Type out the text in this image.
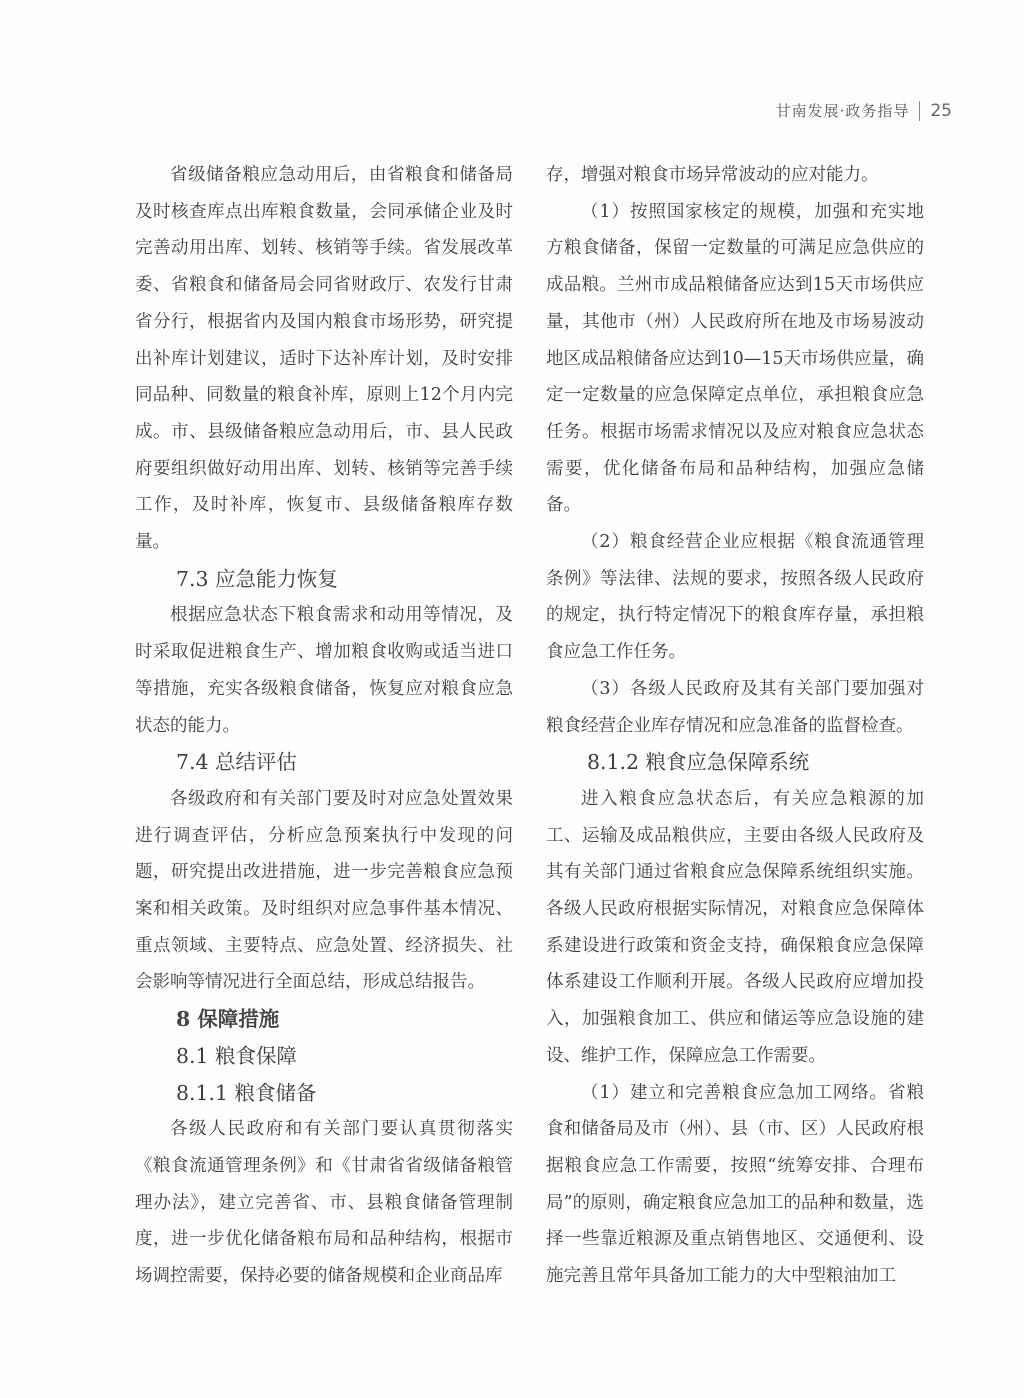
甘南发展·政务指导 25

省级储备粮应急动用后，由省粮食和储备局及时核查库点出库粮食数量，会同承储企业及时完善动用出库、划转、核销等手续。省发展改革委、省粮食和储备局会同省财政厅、农发行甘肃省分行，根据省内及国内粮食市场形势，研究提出补库计划建议，适时下达补库计划，及时安排同品种、同数量的粮食补库，原则上12个月内完成。市、县级储备粮应急动用后，市、县人民政府要组织做好动用出库、划转、核销等完善手续工作，及时补库，恢复市、县级储备粮库存数量。

7.3 应急能力恢复

根据应急状态下粮食需求和动用等情况，及时采取促进粮食生产、增加粮食收购或适当进口等措施，充实各级粮食储备，恢复应对粮食应急状态的能力。

7.4 总结评估

各级政府和有关部门要及时对应急处置效果进行调查评估，分析应急预案执行中发现的问题，研究提出改进措施，进一步完善粮食应急预案和相关政策。及时组织对应急事件基本情况、重点领域、主要特点、应急处置、经济损失、社会影响等情况进行全面总结，形成总结报告。

8 保障措施
8.1 粮食保障
8.1.1 粮食储备

各级人民政府和有关部门要认真贯彻落实《粮食流通管理条例》和《甘肃省省级储备粮管理办法》，建立完善省、市、县粮食储备管理制度，进一步优化储备粮布局和品种结构，根据市场调控需要，保持必要的储备规模和企业商品库

存，增强对粮食市场异常波动的应对能力。

（1）按照国家核定的规模，加强和充实地方粮食储备，保留一定数量的可满足应急供应的成品粮。兰州市成品粮储备应达到15天市场供应量，其他市（州）人民政府所在地及市场易波动地区成品粮储备应达到10—15天市场供应量，确定一定数量的应急保障定点单位，承担粮食应急任务。根据市场需求情况以及应对粮食应急状态需要，优化储备布局和品种结构，加强应急储备。

（2）粮食经营企业应根据《粮食流通管理条例》等法律、法规的要求，按照各级人民政府的规定，执行特定情况下的粮食库存量，承担粮食应急工作任务。

（3）各级人民政府及其有关部门要加强对粮食经营企业库存情况和应急准备的监督检查。

8.1.2 粮食应急保障系统

进入粮食应急状态后，有关应急粮源的加工、运输及成品粮供应，主要由各级人民政府及其有关部门通过省粮食应急保障系统组织实施。各级人民政府根据实际情况，对粮食应急保障体系建设进行政策和资金支持，确保粮食应急保障体系建设工作顺利开展。各级人民政府应增加投入，加强粮食加工、供应和储运等应急设施的建设、维护工作，保障应急工作需要。

（1）建立和完善粮食应急加工网络。省粮食和储备局及市（州）、县（市、区）人民政府根据粮食应急工作需要，按照“统筹安排、合理布局”的原则，确定粮食应急加工的品种和数量，选择一些靠近粮源及重点销售地区、交通便利、设施完善且常年具备加工能力的大中型粮油加工
